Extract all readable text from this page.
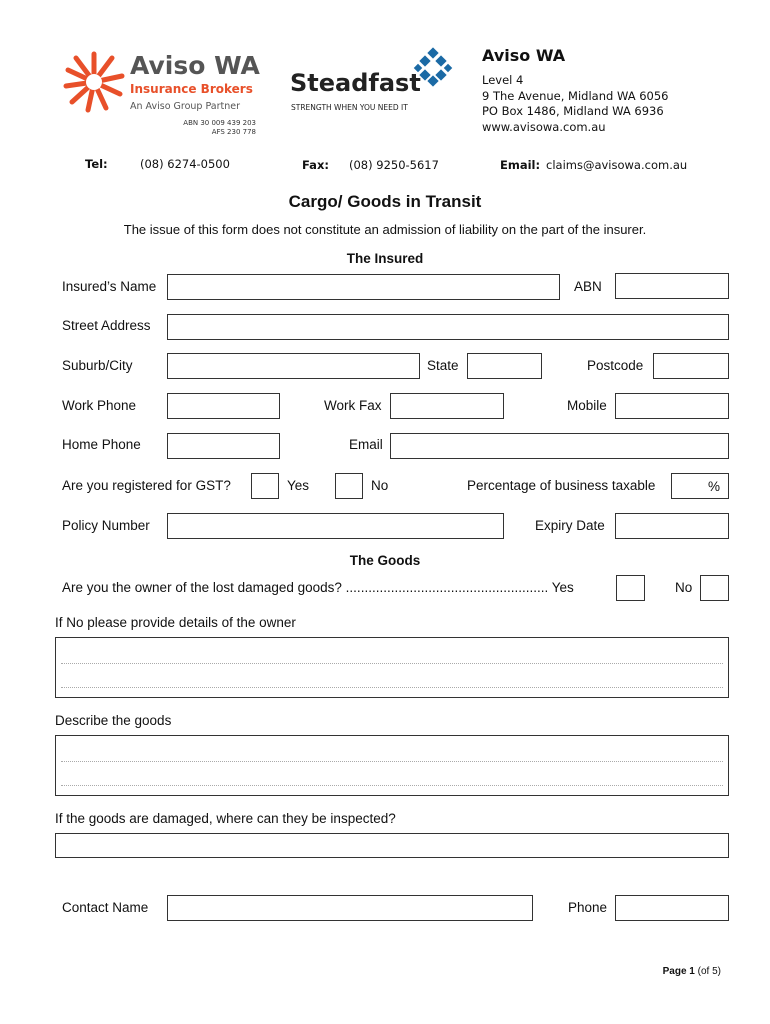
Aviso WA
Insurance Brokers
An Aviso Group Partner
ABN 30 009 439 203
AFS 230 778
Steadfast
STRENGTH WHEN YOU NEED IT
Aviso WA
Level 4
9 The Avenue, Midland WA 6056
PO Box 1486, Midland WA 6936
www.avisowa.com.au
Tel:	(08) 6274-0500	Fax: (08) 9250-5617	Email: claims@avisowa.com.au
Cargo/ Goods in Transit
The issue of this form does not constitute an admission of liability on the part of the insurer.
The Insured
Insured’s Name	ABN
Street Address
Suburb/City	State	Postcode
Work Phone	Work Fax	Mobile
Home Phone	Email
Are you registered for GST?	Yes	No	Percentage of business taxable	%
Policy Number	Expiry Date
The Goods
Are you the owner of the lost damaged goods? ...................................................... Yes	No
If No please provide details of the owner
Describe the goods
If the goods are damaged, where can they be inspected?
Contact Name	Phone
Page 1 (of 5)
